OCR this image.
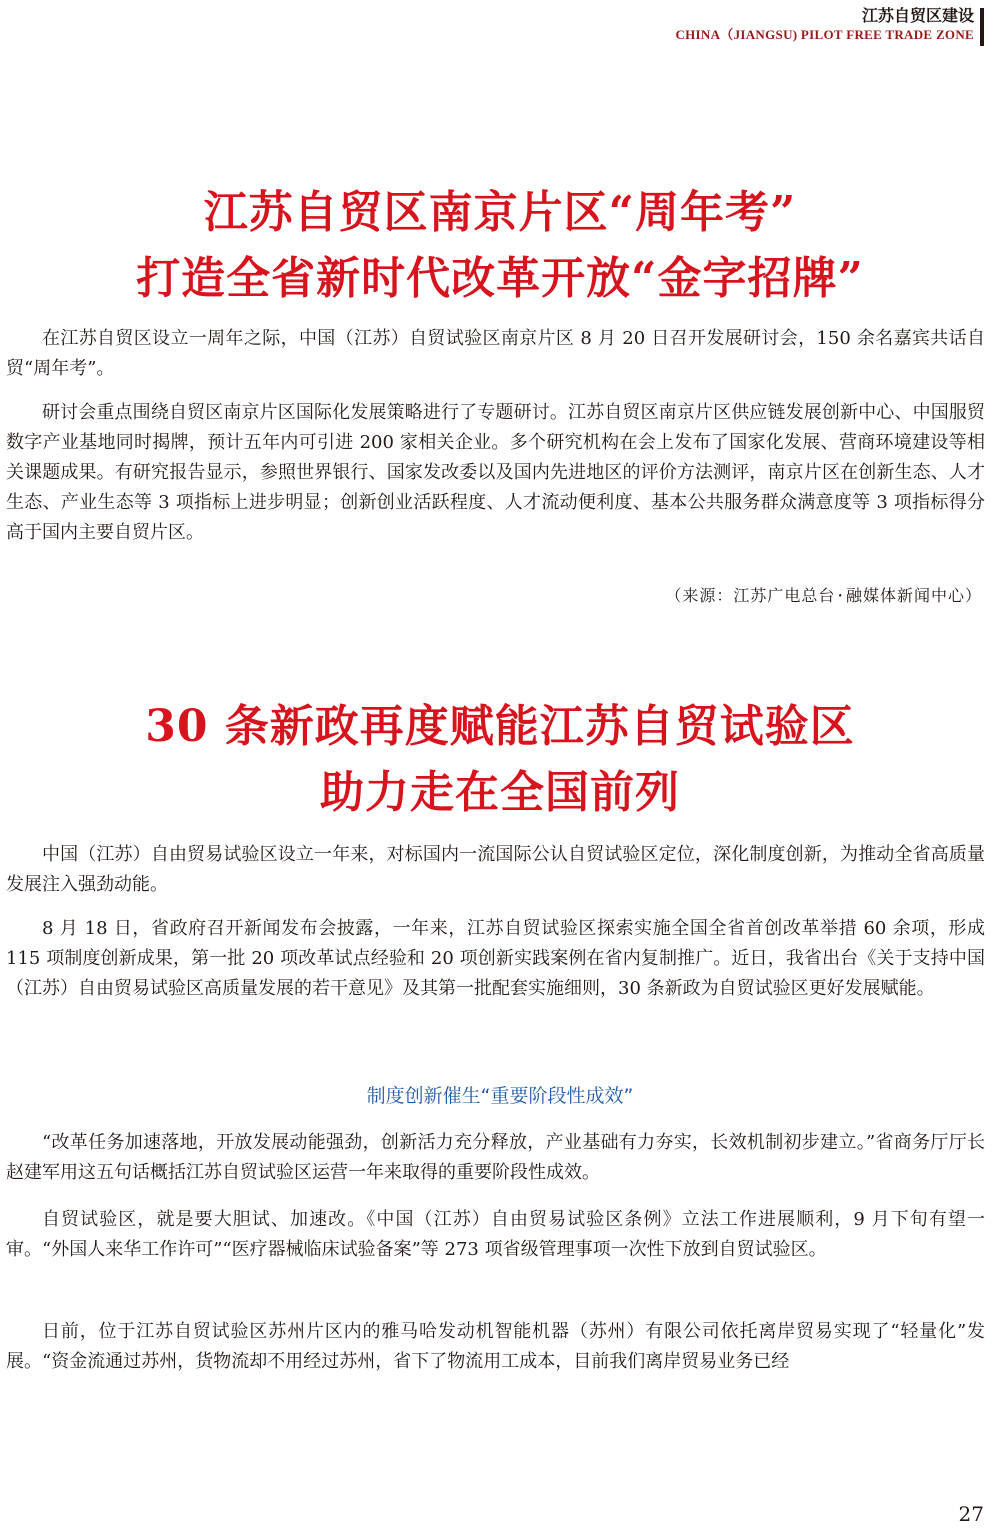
江苏自贸区建设
CHINA（JIANGSU) PILOT FREE TRADE ZONE
江苏自贸区南京片区“周年考”
打造全省新时代改革开放“金字招牌”

在江苏自贸区设立一周年之际，中国（江苏）自贸试验区南京片区 8 月 20 日召开发展研讨会，150 余名嘉宾共话自贸“周年考”。

研讨会重点围绕自贸区南京片区国际化发展策略进行了专题研讨。江苏自贸区南京片区供应链发展创新中心、中国服贸数字产业基地同时揭牌，预计五年内可引进 200 家相关企业。多个研究机构在会上发布了国家化发展、营商环境建设等相关课题成果。有研究报告显示，参照世界银行、国家发改委以及国内先进地区的评价方法测评，南京片区在创新生态、人才生态、产业生态等 3 项指标上进步明显；创新创业活跃程度、人才流动便利度、基本公共服务群众满意度等 3 项指标得分高于国内主要自贸片区。

（来源：江苏广电总台·融媒体新闻中心）
30 条新政再度赋能江苏自贸试验区
助力走在全国前列

中国（江苏）自由贸易试验区设立一年来，对标国内一流国际公认自贸试验区定位，深化制度创新，为推动全省高质量发展注入强劲动能。

8 月 18 日，省政府召开新闻发布会披露，一年来，江苏自贸试验区探索实施全国全省首创改革举措 60 余项，形成 115 项制度创新成果，第一批 20 项改革试点经验和 20 项创新实践案例在省内复制推广。近日，我省出台《关于支持中国（江苏）自由贸易试验区高质量发展的若干意见》及其第一批配套实施细则，30 条新政为自贸试验区更好发展赋能。

制度创新催生“重要阶段性成效”

“改革任务加速落地，开放发展动能强劲，创新活力充分释放，产业基础有力夯实，长效机制初步建立。”省商务厅厅长赵建军用这五句话概括江苏自贸试验区运营一年来取得的重要阶段性成效。

自贸试验区，就是要大胆试、加速改。《中国（江苏）自由贸易试验区条例》立法工作进展顺利，9 月下旬有望一审。“外国人来华工作许可”“医疗器械临床试验备案”等 273 项省级管理事项一次性下放到自贸试验区。

日前，位于江苏自贸试验区苏州片区内的雅马哈发动机智能机器（苏州）有限公司依托离岸贸易实现了“轻量化”发展。“资金流通过苏州，货物流却不用经过苏州，省下了物流用工成本，目前我们离岸贸易业务已经

27
